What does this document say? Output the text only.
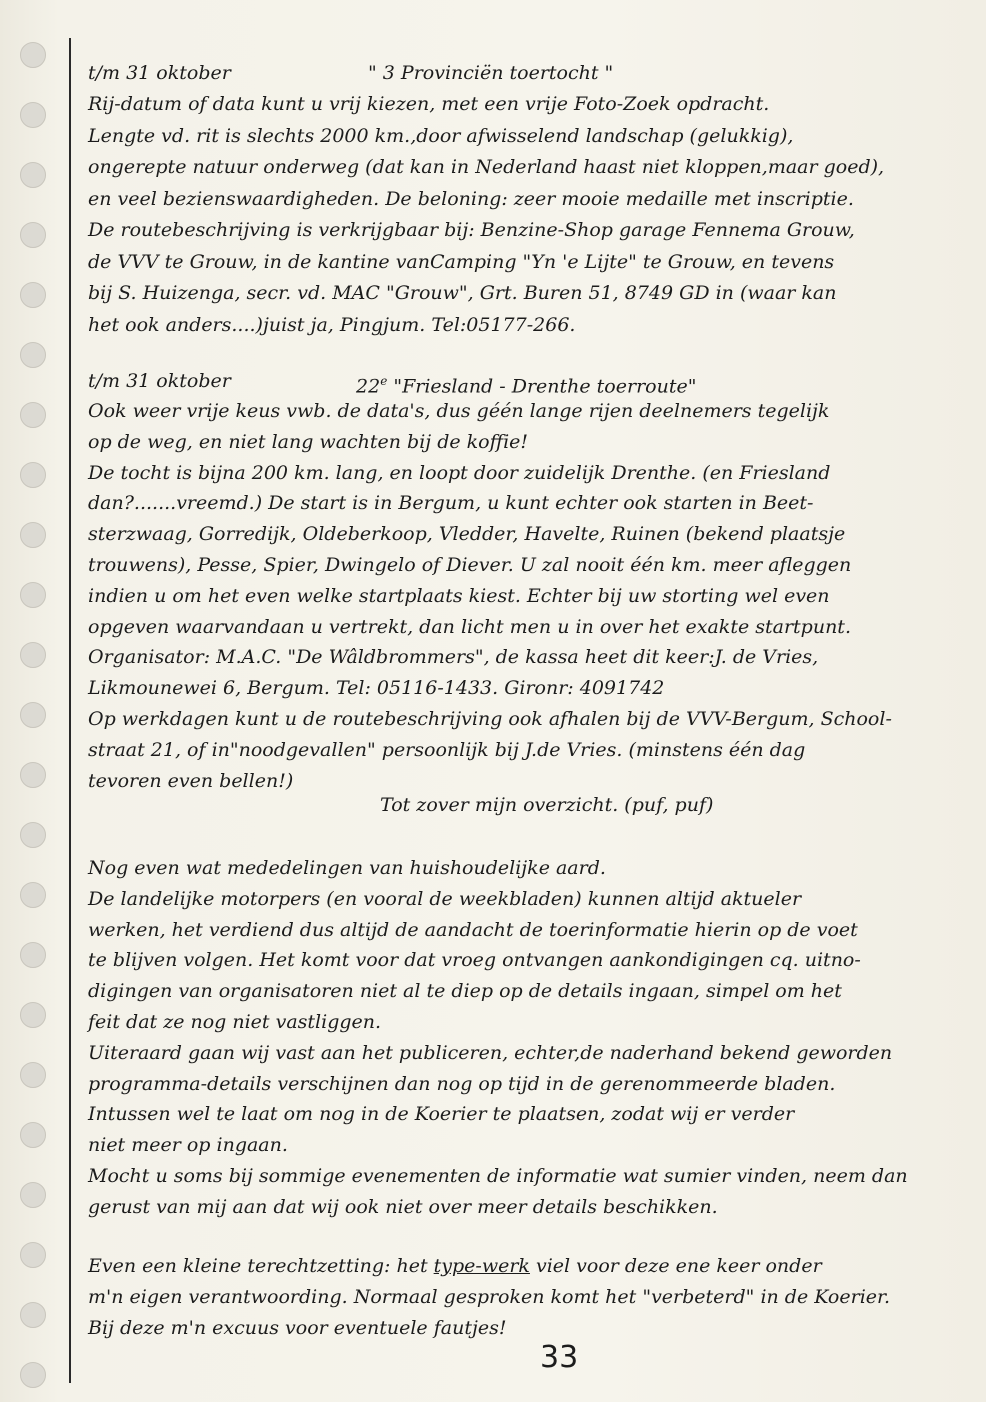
t/m 31 oktober	" 3 Provinciën toertocht "
Rij-datum of data kunt u vrij kiezen, met een vrije Foto-Zoek opdracht.
Lengte vd. rit is slechts 2000 km.,door afwisselend landschap (gelukkig),
ongerepte natuur onderweg (dat kan in Nederland haast niet kloppen,maar goed),
en veel bezienswaardigheden. De beloning: zeer mooie medaille met inscriptie.
De routebeschrijving is verkrijgbaar bij: Benzine-Shop garage Fennema Grouw,
de VVV te Grouw, in de kantine vanCamping "Yn 'e Lijte" te Grouw, en tevens
bij S. Huizenga, secr. vd. MAC "Grouw", Grt. Buren 51, 8749 GD in (waar kan
het ook anders....)juist ja, Pingjum. Tel:05177-266.
t/m 31 oktober	22e "Friesland - Drenthe toerroute"
Ook weer vrije keus vwb. de data's, dus géén lange rijen deelnemers tegelijk
op de weg, en niet lang wachten bij de koffie!
De tocht is bijna 200 km. lang, en loopt door zuidelijk Drenthe. (en Friesland
dan?.......vreemd.) De start is in Bergum, u kunt echter ook starten in Beet-
sterzwaag, Gorredijk, Oldeberkoop, Vledder, Havelte, Ruinen (bekend plaatsje
trouwens), Pesse, Spier, Dwingelo of Diever. U zal nooit één km. meer afleggen
indien u om het even welke startplaats kiest. Echter bij uw storting wel even
opgeven waarvandaan u vertrekt, dan licht men u in over het exakte startpunt.
Organisator: M.A.C. "De Wâldbrommers", de kassa heet dit keer:J. de Vries,
Likmounewei 6, Bergum. Tel: 05116-1433. Gironr: 4091742
Op werkdagen kunt u de routebeschrijving ook afhalen bij de VVV-Bergum, School-
straat 21, of in"noodgevallen" persoonlijk bij J.de Vries. (minstens één dag
tevoren even bellen!)
Tot zover mijn overzicht. (puf, puf)
Nog even wat mededelingen van huishoudelijke aard.
De landelijke motorpers (en vooral de weekbladen) kunnen altijd aktueler
werken, het verdiend dus altijd de aandacht de toerinformatie hierin op de voet
te blijven volgen. Het komt voor dat vroeg ontvangen aankondigingen cq. uitno-
digingen van organisatoren niet al te diep op de details ingaan, simpel om het
feit dat ze nog niet vastliggen.
Uiteraard gaan wij vast aan het publiceren, echter,de naderhand bekend geworden
programma-details verschijnen dan nog op tijd in de gerenommeerde bladen.
Intussen wel te laat om nog in de Koerier te plaatsen, zodat wij er verder
niet meer op ingaan.
Mocht u soms bij sommige evenementen de informatie wat sumier vinden, neem dan
gerust van mij aan dat wij ook niet over meer details beschikken.
Even een kleine terechtzetting: het type-werk viel voor deze ene keer onder
m'n eigen verantwoording. Normaal gesproken komt het "verbeterd" in de Koerier.
Bij deze m'n excuus voor eventuele fautjes!
33
